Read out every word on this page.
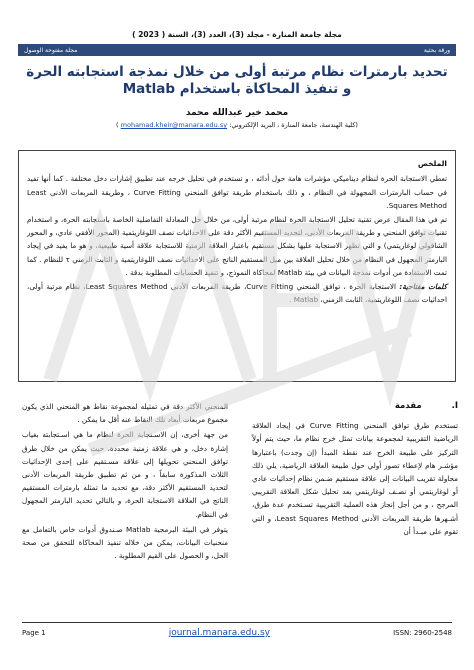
مجلة جامعة المنارة - مجلد (3)، العدد (3)، السنة ( 2023 )
مجلة مفتوحة الوصول	ورقة بحثية
تحديد بارمترات نظام مرتبة أولى من خلال نمذجة استجابته الحرة
و تنفيذ المحاكاة باستخدام Matlab
محمد خير عبدالله محمد
(كلية الهندسة، جامعة المنارة ، البريد الإلكتروني: mohamad.kheir@manara.edu.sy )
الملخص

تعطي الاستجابة الحرة لنظام ديناميكي مؤشرات هامة حول أدائه ، و تستخدم في تحليل خرجه عند تطبيق إشارات دخل مختلفة . كما أنها تفيد في حساب البارمترات المجهولة في النظام ، و ذلك باستخدام طريقة توافق المنحني Curve Fitting ، وطريقة المربعات الأدنى Least Squares Method.

تم في هذا المقال عرض تقنية تحليل الاستجابة الحرة لنظام مرتبة أولى، من خلال حل المعادلة التفاضلية الخاصة باستجابته الحرة، و استخدام تقنيات توافق المنحني و طريقة المربعات الأدنى، لتحديد المستقيم الأكثر دقة على الاحداثيات نصف اللوغاريتمية (المحور الأفقي عادي، و المحور الشاقولي لوغاريتمي) و التي تظهر الاستجابة عليها بشكل مستقيم باعتبار العلاقة الزمنية للاستجابة علاقة أسية طبيعية، و هو ما يفيد في إيجاد البارمتر المجهول في النظام من خلال تحليل العلاقة بين ميل المستقيم الناتج على الاحداثيات نصف اللوغاريتمية و الثابت الزمني τ للنظام . كما تمت الاستفادة من أدوات نمذجة البيانات في بيئة Matlab لمحاكاة النموذج، و تنفيذ الحسابات المطلوبة بدقة .

كلمات مفتاحية: الاستجابة الحرة ، توافق المنحني Curve Fitting، طريقة المربعات الأدنى Least Squares Method، نظام مرتبة أولى، احداثيات نصف اللوغاريتمية، الثابت الزمني، Matlab .

I.
مقدمة

تستخدم طرق توافق المنحني Curve Fitting في إيجاد العلاقة الرياضية التقريبية لمجموعة بيانات تمثل خرج نظام ما، حيث يتم أولاً التركيز على طبيعة الخرج عند نقطة المبدأ (إن وجدت) باعتبارها مؤشـر هام لإعطاء تصور أولي حول طبيعة العلاقة الرياضية، يلي ذلك محاولة تقريب البيانات إلى علاقة مستقيم ضـمن نظام إحداثيات عادي أو لوغاريتمي أو نصـف لوغاريتمي بعد تحليل شكل العلاقة التقريبي المرجح ، و من أجل إنجاز هذه العملية التقريبية تسـتخدم عدة طرق، أشـهرها طريقة المربعات الأدنى Least Squares Method، و التي تقوم على مبـدأ أن

المنحني الأكثر دقة في تمثيله لمجموعة نقاط هو المنحني الذي يكون مجموع مربعات أبعاد تلك النقاط عنه أقل ما يمكن .

من جهة أخرى، إن الاسـتجابة الحرة لنظام ما هي اسـتجابته بغياب إشارة دخل، و هي علاقة زمنية محددة، حيث يمكن من خلال طرق توافق المنحني تحويلها إلى علاقة مسـتقيم على إحدى الإحداثيات الثلاث المذكورة سابقاً ، و من ثم تطبيق طريقة المربعات الأدنى لتحديد المستقيم الأكثر دقة، مع تحديد ما تمثله بارمترات المستقيم الناتج في العلاقة الاستجابة الحرة، و بالتالي تحديد البارمتر المجهول في النظام.

يتوفر في البيئة البرمجية Matlab صـندوق أدوات خاص بالتعامل مع منحنيات البيانات، يمكن من خلاله تنفيذ المحاكاة للتحقق من صحة الحل، و الحصول على القيم المطلوبة .

Page 1	journal.manara.edu.sy	ISSN: 2960-2548
